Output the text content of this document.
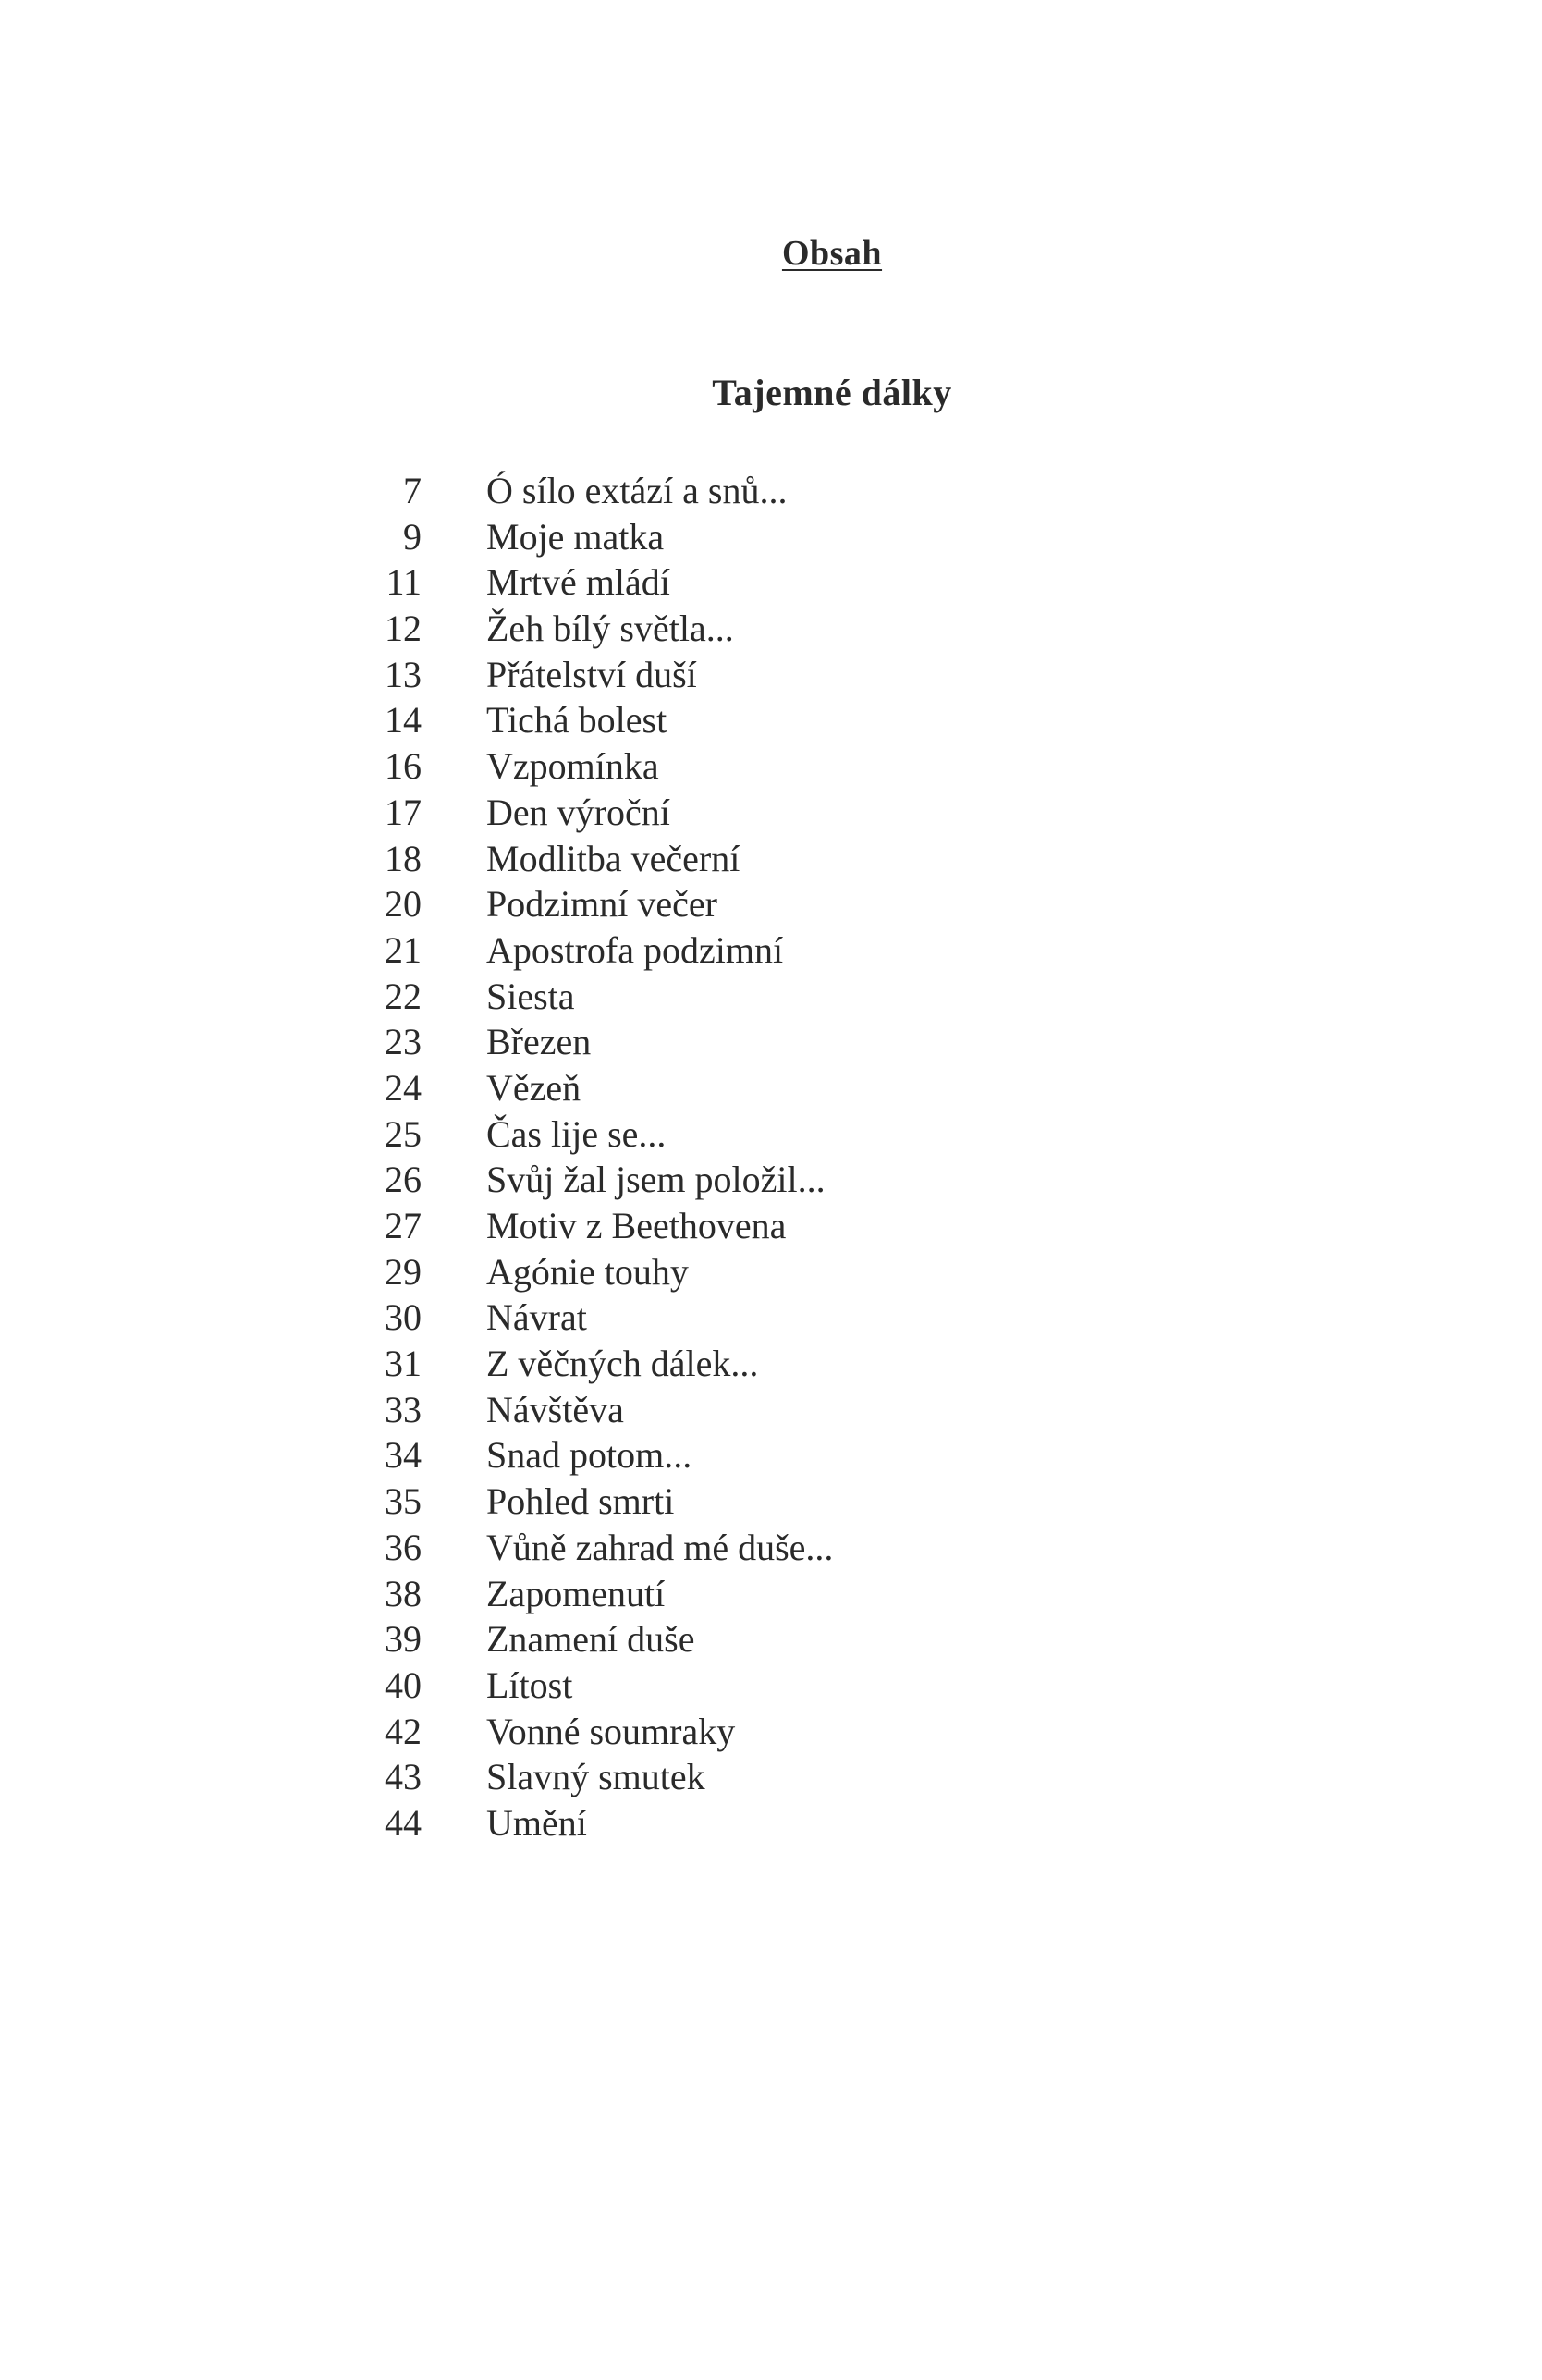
Obsah
Tajemné dálky
7 Ó sílo extází a snů...
9 Moje matka
11 Mrtvé mládí
12 Žeh bílý světla...
13 Přátelství duší
14 Tichá bolest
16 Vzpomínka
17 Den výroční
18 Modlitba večerní
20 Podzimní večer
21 Apostrofa podzimní
22 Siesta
23 Březen
24 Vězeň
25 Čas lije se...
26 Svůj žal jsem položil...
27 Motiv z Beethovena
29 Agónie touhy
30 Návrat
31 Z věčných dálek...
33 Návštěva
34 Snad potom...
35 Pohled smrti
36 Vůně zahrad mé duše...
38 Zapomenutí
39 Znamení duše
40 Lítost
42 Vonné soumraky
43 Slavný smutek
44 Umění
